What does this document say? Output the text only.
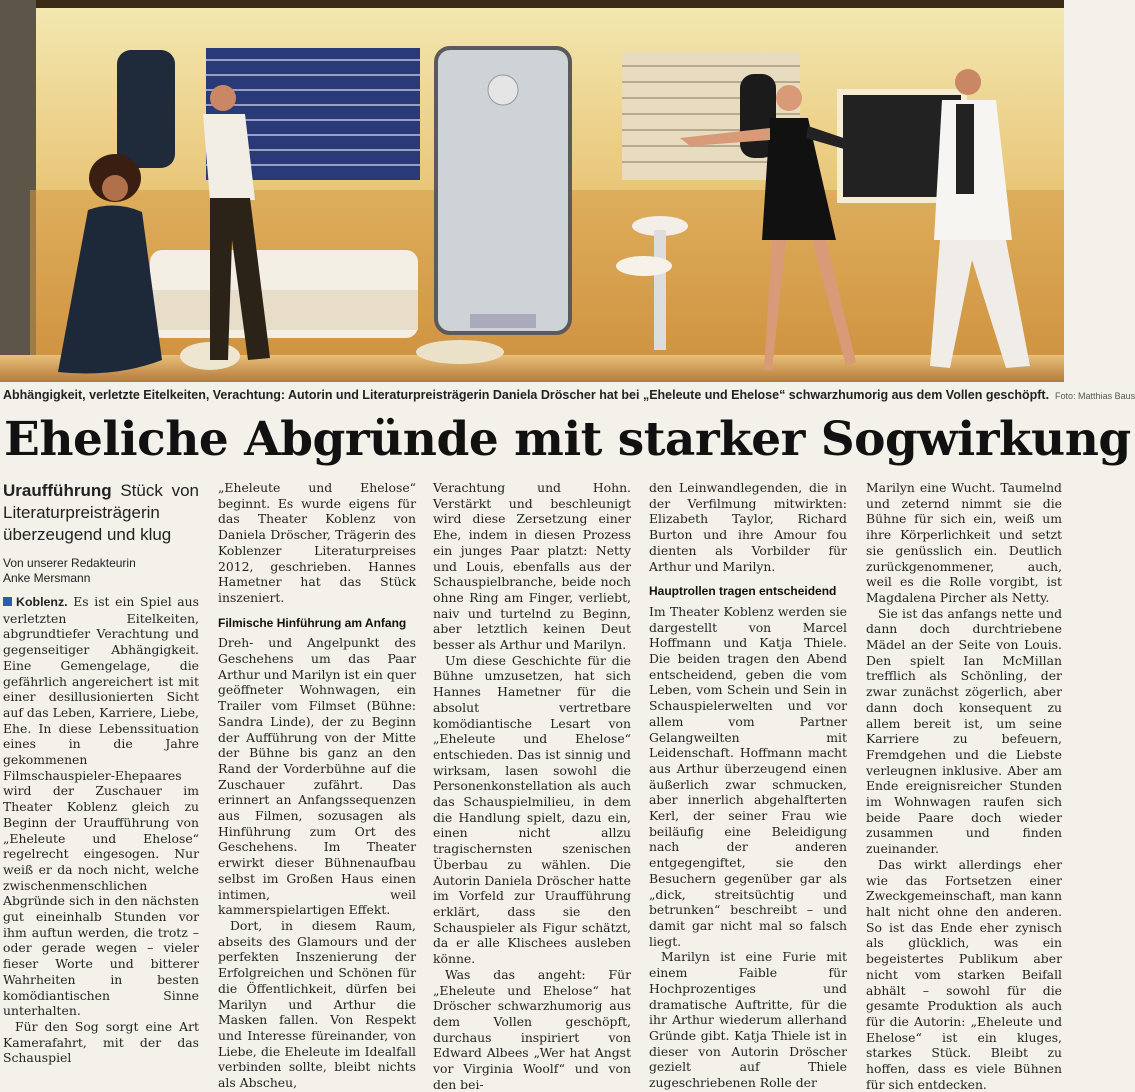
Abhängigkeit, verletzte Eitelkeiten, Verachtung: Autorin und Literaturpreisträgerin Daniela Dröscher hat bei „Eheleute und Ehelose“ schwarzhumorig aus dem Vollen geschöpft. Foto: Matthias Baus
Eheliche Abgründe mit starker Sogwirkung
Uraufführung Stück von Literaturpreisträgerin überzeugend und klug
Von unserer Redakteurin
Anke Mersmann

Koblenz. Es ist ein Spiel aus verletzten Eitelkeiten, abgrundtiefer Verachtung und gegenseitiger Abhängigkeit. Eine Gemengelage, die gefährlich angereichert ist mit einer desillusionierten Sicht auf das Leben, Karriere, Liebe, Ehe. In diese Lebenssituation eines in die Jahre gekommenen Filmschauspieler-Ehepaares wird der Zuschauer im Theater Koblenz gleich zu Beginn der Uraufführung von „Eheleute und Ehelose“ regelrecht eingesogen. Nur weiß er da noch nicht, welche zwischenmenschlichen Abgründe sich in den nächsten gut eineinhalb Stunden vor ihm auftun werden, die trotz – oder gerade wegen – vieler fieser Worte und bitterer Wahrheiten in besten komödiantischen Sinne unterhalten.

Für den Sog sorgt eine Art Kamerafahrt, mit der das Schauspiel

„Eheleute und Ehelose“ beginnt. Es wurde eigens für das Theater Koblenz von Daniela Dröscher, Trägerin des Koblenzer Literaturpreises 2012, geschrieben. Hannes Hametner hat das Stück inszeniert.

Filmische Hinführung am Anfang

Dreh- und Angelpunkt des Geschehens um das Paar Arthur und Marilyn ist ein quer geöffneter Wohnwagen, ein Trailer vom Filmset (Bühne: Sandra Linde), der zu Beginn der Aufführung von der Mitte der Bühne bis ganz an den Rand der Vorderbühne auf die Zuschauer zufährt. Das erinnert an Anfangssequenzen aus Filmen, sozusagen als Hinführung zum Ort des Geschehens. Im Theater erwirkt dieser Bühnenaufbau selbst im Großen Haus einen intimen, weil kammerspielartigen Effekt.

Dort, in diesem Raum, abseits des Glamours und der perfekten Inszenierung der Erfolgreichen und Schönen für die Öffentlichkeit, dürfen bei Marilyn und Arthur die Masken fallen. Von Respekt und Interesse füreinander, von Liebe, die Eheleute im Idealfall verbinden sollte, bleibt nichts als Abscheu,

Verachtung und Hohn. Verstärkt und beschleunigt wird diese Zersetzung einer Ehe, indem in diesen Prozess ein junges Paar platzt: Netty und Louis, ebenfalls aus der Schauspielbranche, beide noch ohne Ring am Finger, verliebt, naiv und turtelnd zu Beginn, aber letztlich keinen Deut besser als Arthur und Marilyn.

Um diese Geschichte für die Bühne umzusetzen, hat sich Hannes Hametner für die absolut vertretbare komödiantische Lesart von „Eheleute und Ehelose“ entschieden. Das ist sinnig und wirksam, lasen sowohl die Personenkonstellation als auch das Schauspielmilieu, in dem die Handlung spielt, dazu ein, einen nicht allzu tragischernsten szenischen Überbau zu wählen. Die Autorin Daniela Dröscher hatte im Vorfeld zur Uraufführung erklärt, dass sie den Schauspieler als Figur schätzt, da er alle Klischees ausleben könne.

Was das angeht: Für „Eheleute und Ehelose“ hat Dröscher schwarzhumorig aus dem Vollen geschöpft, durchaus inspiriert von Edward Albees „Wer hat Angst vor Virginia Woolf“ und von den bei-

den Leinwandlegenden, die in der Verfilmung mitwirkten: Elizabeth Taylor, Richard Burton und ihre Amour fou dienten als Vorbilder für Arthur und Marilyn.

Hauptrollen tragen entscheidend

Im Theater Koblenz werden sie dargestellt von Marcel Hoffmann und Katja Thiele. Die beiden tragen den Abend entscheidend, geben die vom Leben, vom Schein und Sein in Schauspielerwelten und vor allem vom Partner Gelangweilten mit Leidenschaft. Hoffmann macht aus Arthur überzeugend einen äußerlich zwar schmucken, aber innerlich abgehalfterten Kerl, der seiner Frau wie beiläufig eine Beleidigung nach der anderen entgegengiftet, sie den Besuchern gegenüber gar als „dick, streitsüchtig und betrunken“ beschreibt – und damit gar nicht mal so falsch liegt.

Marilyn ist eine Furie mit einem Faible für Hochprozentiges und dramatische Auftritte, für die ihr Arthur wiederum allerhand Gründe gibt. Katja Thiele ist in dieser von Autorin Dröscher gezielt auf Thiele zugeschriebenen Rolle der

Marilyn eine Wucht. Taumelnd und zeternd nimmt sie die Bühne für sich ein, weiß um ihre Körperlichkeit und setzt sie genüsslich ein. Deutlich zurückgenommener, auch, weil es die Rolle vorgibt, ist Magdalena Pircher als Netty.

Sie ist das anfangs nette und dann doch durchtriebene Mädel an der Seite von Louis. Den spielt Ian McMillan trefflich als Schönling, der zwar zunächst zögerlich, aber dann doch konsequent zu allem bereit ist, um seine Karriere zu befeuern, Fremdgehen und die Liebste verleugnen inklusive. Aber am Ende ereignisreicher Stunden im Wohnwagen raufen sich beide Paare doch wieder zusammen und finden zueinander.

Das wirkt allerdings eher wie das Fortsetzen einer Zweckgemeinschaft, man kann halt nicht ohne den anderen. So ist das Ende eher zynisch als glücklich, was ein begeistertes Publikum aber nicht vom starken Beifall abhält – sowohl für die gesamte Produktion als auch für die Autorin: „Eheleute und Ehelose“ ist ein kluges, starkes Stück. Bleibt zu hoffen, dass es viele Bühnen für sich entdecken.
